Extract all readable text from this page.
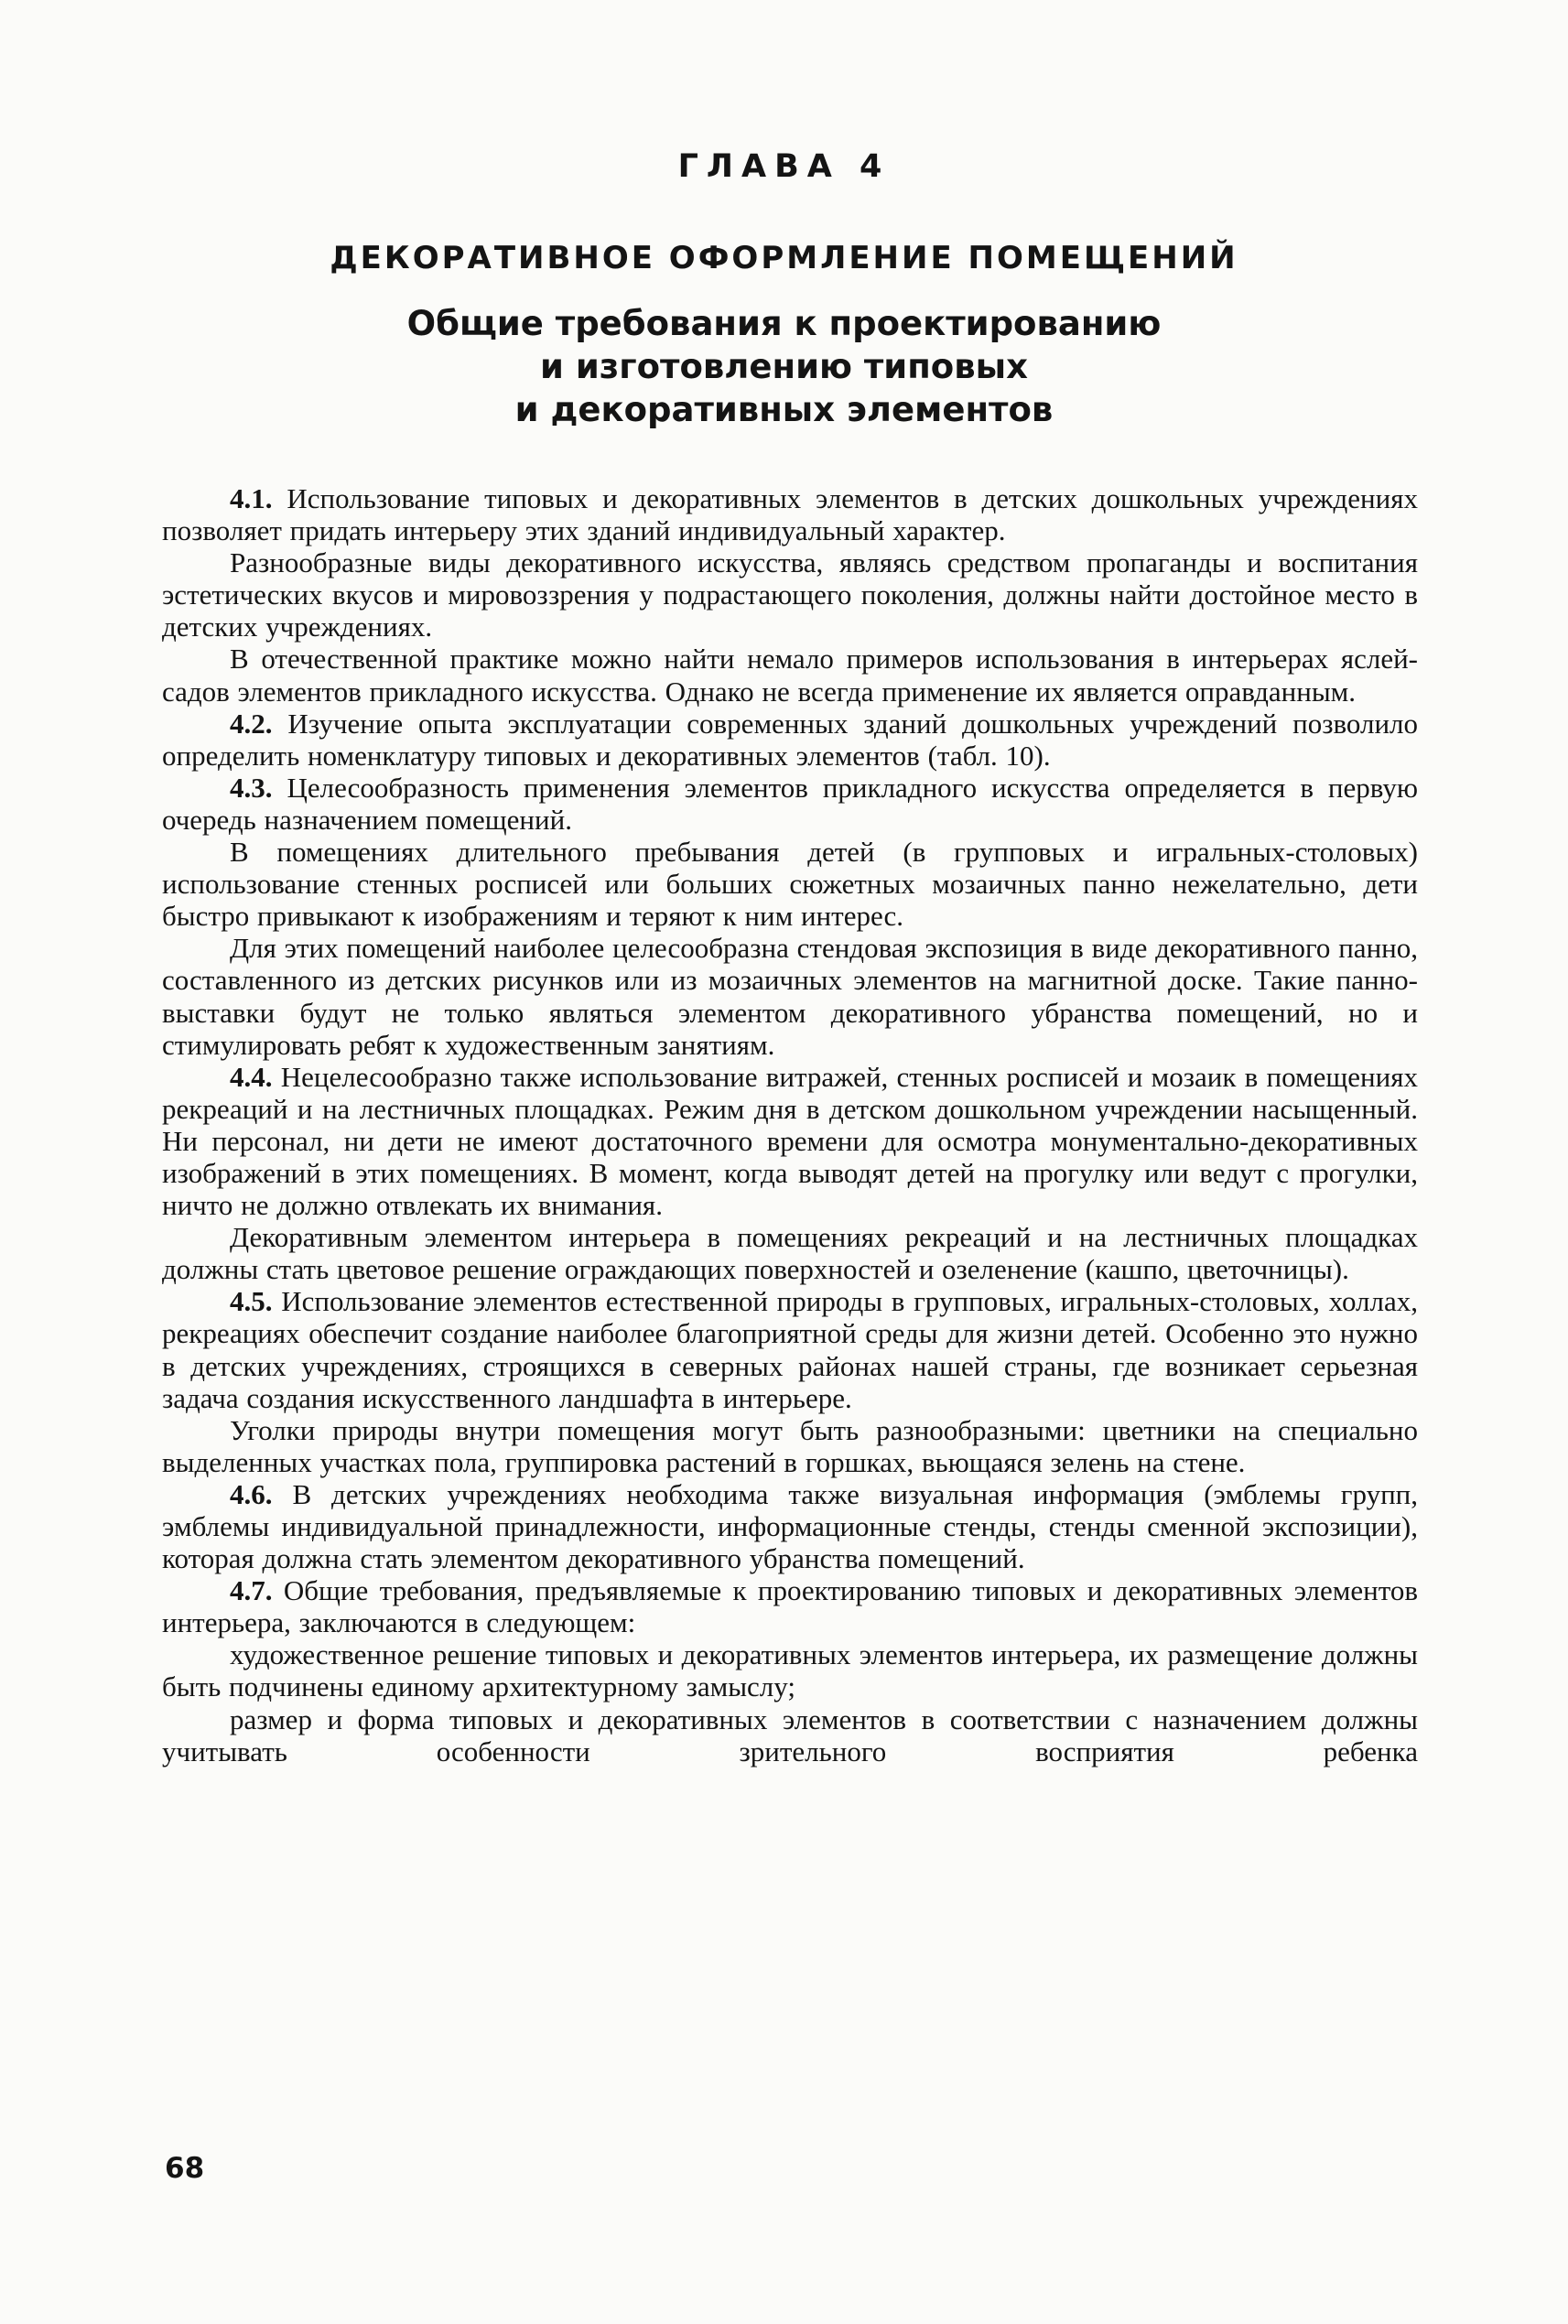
ГЛАВА 4
ДЕКОРАТИВНОЕ ОФОРМЛЕНИЕ ПОМЕЩЕНИЙ
Общие требования к проектированию
и изготовлению типовых
и декоративных элементов

4.1. Использование типовых и декоративных элементов в детских дошкольных учреждениях позволяет придать интерьеру этих зданий индивидуальный характер.

Разнообразные виды декоративного искусства, являясь средством пропаганды и воспитания эстетических вкусов и мировоззрения у подрастающего поколения, должны найти достойное место в детских учреждениях.

В отечественной практике можно найти немало примеров использования в интерьерах яслей-садов элементов прикладного искусства. Однако не всегда применение их является оправданным.

4.2. Изучение опыта эксплуатации современных зданий дошкольных учреждений позволило определить номенклатуру типовых и декоративных элементов (табл. 10).

4.3. Целесообразность применения элементов прикладного искусства определяется в первую очередь назначением помещений.

В помещениях длительного пребывания детей (в групповых и игральных-столовых) использование стенных росписей или больших сюжетных мозаичных панно нежелательно, дети быстро привыкают к изображениям и теряют к ним интерес.

Для этих помещений наиболее целесообразна стендовая экспозиция в виде декоративного панно, составленного из детских рисунков или из мозаичных элементов на магнитной доске. Такие панно-выставки будут не только являться элементом декоративного убранства помещений, но и стимулировать ребят к художественным занятиям.

4.4. Нецелесообразно также использование витражей, стенных росписей и мозаик в помещениях рекреаций и на лестничных площадках. Режим дня в детском дошкольном учреждении насыщенный. Ни персонал, ни дети не имеют достаточного времени для осмотра монументально-декоративных изображений в этих помещениях. В момент, когда выводят детей на прогулку или ведут с прогулки, ничто не должно отвлекать их внимания.

Декоративным элементом интерьера в помещениях рекреаций и на лестничных площадках должны стать цветовое решение ограждающих поверхностей и озеленение (кашпо, цветочницы).

4.5. Использование элементов естественной природы в групповых, игральных-столовых, холлах, рекреациях обеспечит создание наиболее благоприятной среды для жизни детей. Особенно это нужно в детских учреждениях, строящихся в северных районах нашей страны, где возникает серьезная задача создания искусственного ландшафта в интерьере.

Уголки природы внутри помещения могут быть разнообразными: цветники на специально выделенных участках пола, группировка растений в горшках, вьющаяся зелень на стене.

4.6. В детских учреждениях необходима также визуальная информация (эмблемы групп, эмблемы индивидуальной принадлежности, информационные стенды, стенды сменной экспозиции), которая должна стать элементом декоративного убранства помещений.

4.7. Общие требования, предъявляемые к проектированию типовых и декоративных элементов интерьера, заключаются в следующем:

художественное решение типовых и декоративных элементов интерьера, их размещение должны быть подчинены единому архитектурному замыслу;

размер и форма типовых и декоративных элементов в соответствии с назначением должны учитывать особенности зрительного восприятия ребенка

68
